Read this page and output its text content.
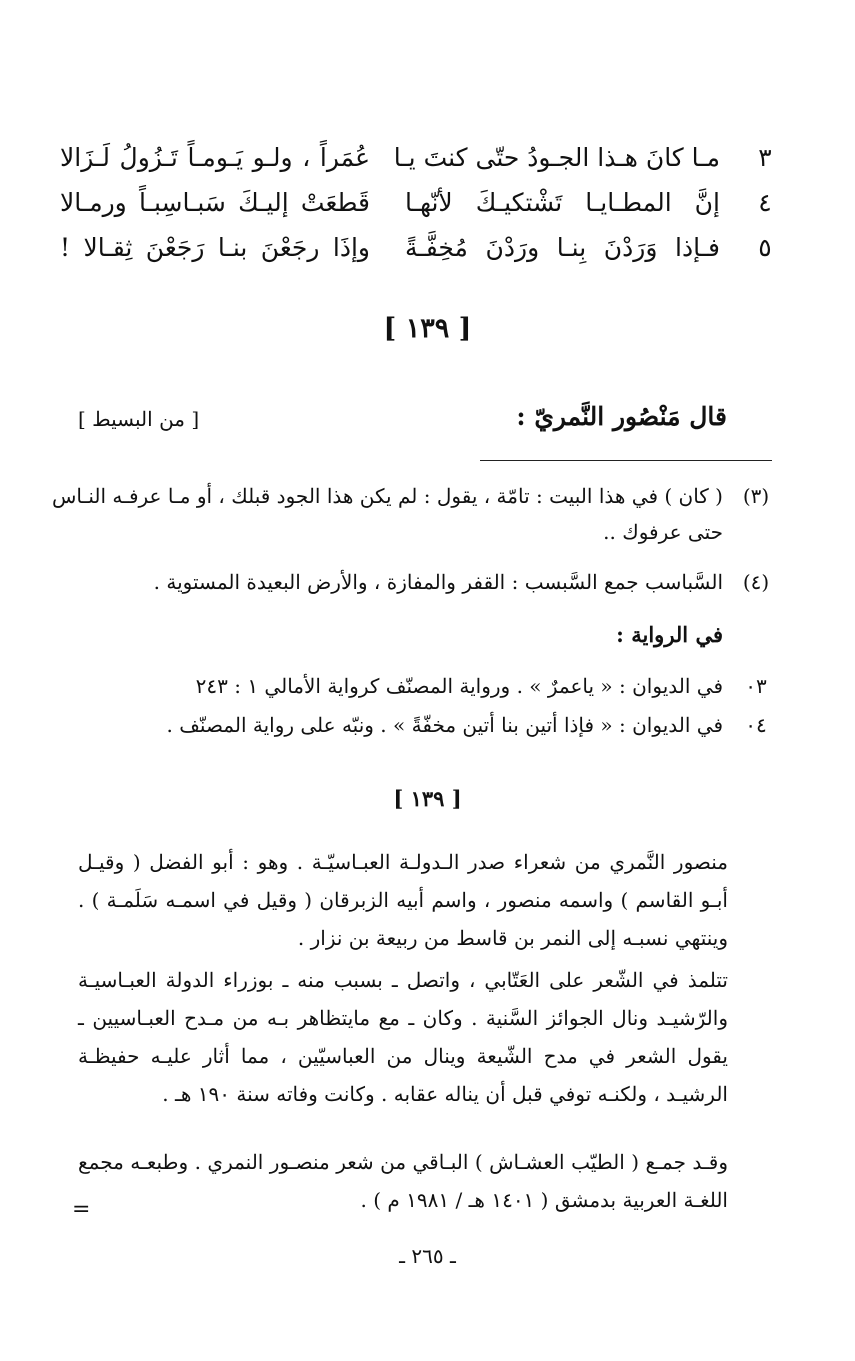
٣
مـا كانَ هـذا الجـودُ حتّى كنتَ يـا
عُمَراً ، ولـو يَـومـاً تَـزُولُ لَـزَالا
٤
إنَّ المطـايـا تَشْتكيـكَ لأنّهـا
قَطعَتْ إليـكَ سَبـاسِبـاً ورمـالا
٥
فـإذا وَرَدْنَ بِنـا ورَدْنَ مُخِفَّـةً
وإذَا رجَعْنَ بنـا رَجَعْنَ ثِقـالا !
[ ١٣٩ ]
قال مَنْصُور النَّمريّ :
[ من البسيط ]
(٣)
( كان ) في هذا البيت : تامّة ، يقول : لم يكن هذا الجود قبلك ، أو مـا عرفـه النـاس
حتى عرفوك ..
(٤)
السَّباسب جمع السَّبسب : القفر والمفازة ، والأرض البعيدة المستوية .
في الرواية :
٠٣
في الديوان : « ياعمرٌ » . ورواية المصنّف كرواية الأمالي ١ : ٢٤٣
٠٤
في الديوان : « فإذا أتين بنا أتين مخفّةً » . ونبّه على رواية المصنّف .
[ ١٣٩ ]
منصور النَّمري من شعراء صدر الـدولـة العبـاسيّـة . وهو : أبو الفضل ( وقيـل أبـو القاسم ) واسمه منصور ، واسم أبيه الزبرقان ( وقيل في اسمـه سَلَمـة ) . وينتهي نسبـه إلى النمر بن قاسط من ربيعة بن نزار .
تتلمذ في الشّعر على العَتّابي ، واتصل ـ بسبب منه ـ بوزراء الدولة العبـاسيـة والرّشيـد ونال الجوائز السَّنية . وكان ـ مع مايتظاهر بـه من مـدح العبـاسيين ـ يقول الشعر في مدح الشّيعة وينال من العباسيّين ، مما أثار عليـه حفيظـة الرشيـد ، ولكنـه توفي قبل أن يناله عقابه . وكانت وفاته سنة ١٩٠ هـ .
وقـد جمـع ( الطيّب العشـاش ) البـاقي من شعر منصـور النمري . وطبعـه مجمع اللغـة العربية بدمشق ( ١٤٠١ هـ / ١٩٨١ م ) .
=
ـ ٢٦٥ ـ
